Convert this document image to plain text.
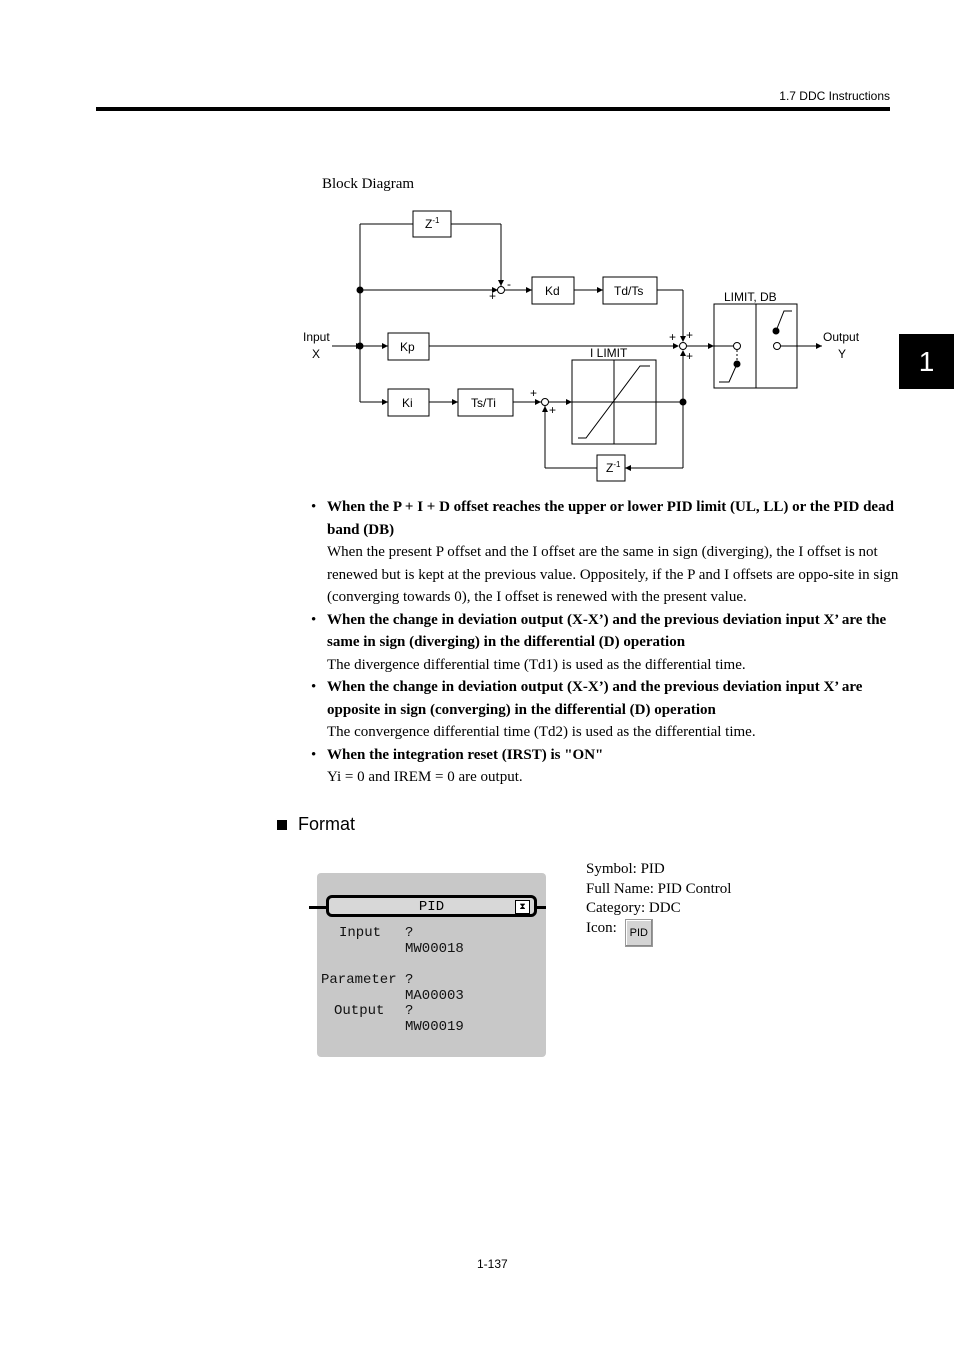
1.7 DDC Instructions
1
Block Diagram
$Z^{-1}$
Kd	Td/Ts
Kp
Ki	Ts/Ti
$Z^{-1}$
I LIMIT
LIMIT, DB
Input
X
Output
Y
-
+
+
+
+
+
+
• When the P + I + D offset reaches the upper or lower PID limit (UL, LL) or the PID dead band (DB)
When the present P offset and the I offset are the same in sign (diverging), the I offset is not renewed but is kept at the previous value. Oppositely, if the P and I offsets are oppo-site in sign (converging towards 0), the I offset is renewed with the present value.
• When the change in deviation output (X-X’) and the previous deviation input X’ are the same in sign (diverging) in the differential (D) operation
The divergence differential time (Td1) is used as the differential time.
• When the change in deviation output (X-X’) and the previous deviation input X’ are opposite in sign (converging) in the differential (D) operation
The convergence differential time (Td2) is used as the differential time.
• When the integration reset (IRST) is "ON"
Yi = 0 and IREM = 0 are output.
Format
PID	⧗
Input ?
MW00018
Parameter ?
MA00003
Output ?
MW00019
Symbol: PID
Full Name: PID Control
Category: DDC
Icon: PID
1-137
